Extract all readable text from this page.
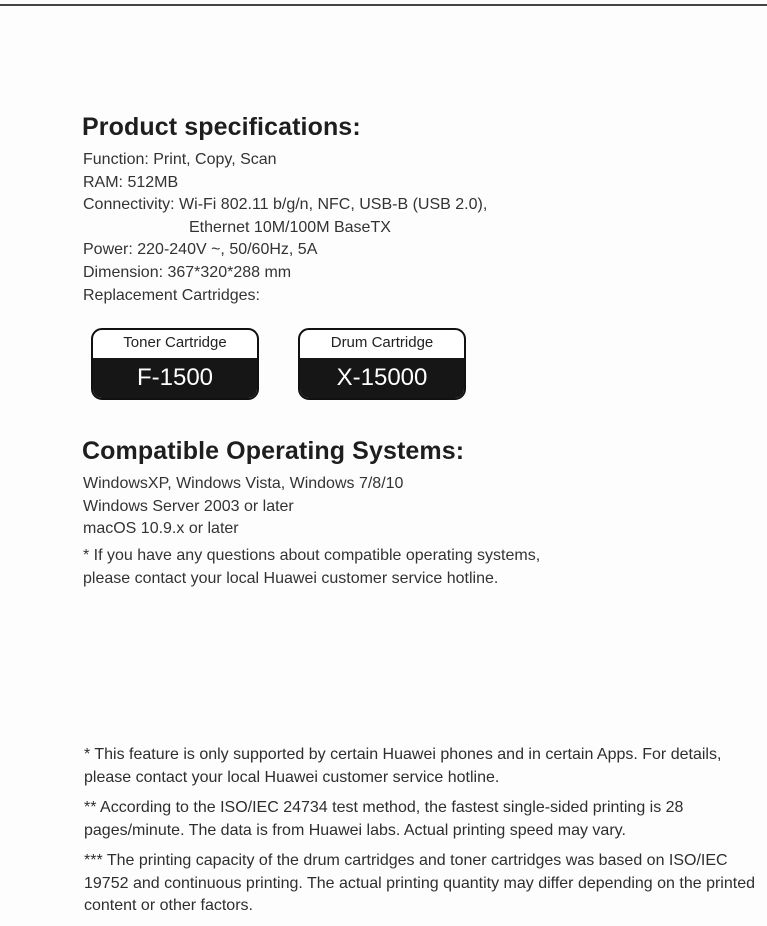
Product specifications:
Function: Print, Copy, Scan
RAM: 512MB
Connectivity: Wi-Fi 802.11 b/g/n, NFC, USB-B (USB 2.0),
Ethernet 10M/100M BaseTX
Power: 220-240V ~, 50/60Hz, 5A
Dimension: 367*320*288 mm
Replacement Cartridges:
Toner Cartridge
F-1500
Drum Cartridge
X-15000
Compatible Operating Systems:
WindowsXP, Windows Vista, Windows 7/8/10
Windows Server 2003 or later
macOS 10.9.x or later
* If you have any questions about compatible operating systems,
please contact your local Huawei customer service hotline.

* This feature is only supported by certain Huawei phones and in certain Apps. For details, please contact your local Huawei customer service hotline.

** According to the ISO/IEC 24734 test method, the fastest single-sided printing is 28 pages/minute. The data is from Huawei labs. Actual printing speed may vary.

*** The printing capacity of the drum cartridges and toner cartridges was based on ISO/IEC 19752 and continuous printing. The actual printing quantity may differ depending on the printed content or other factors.
